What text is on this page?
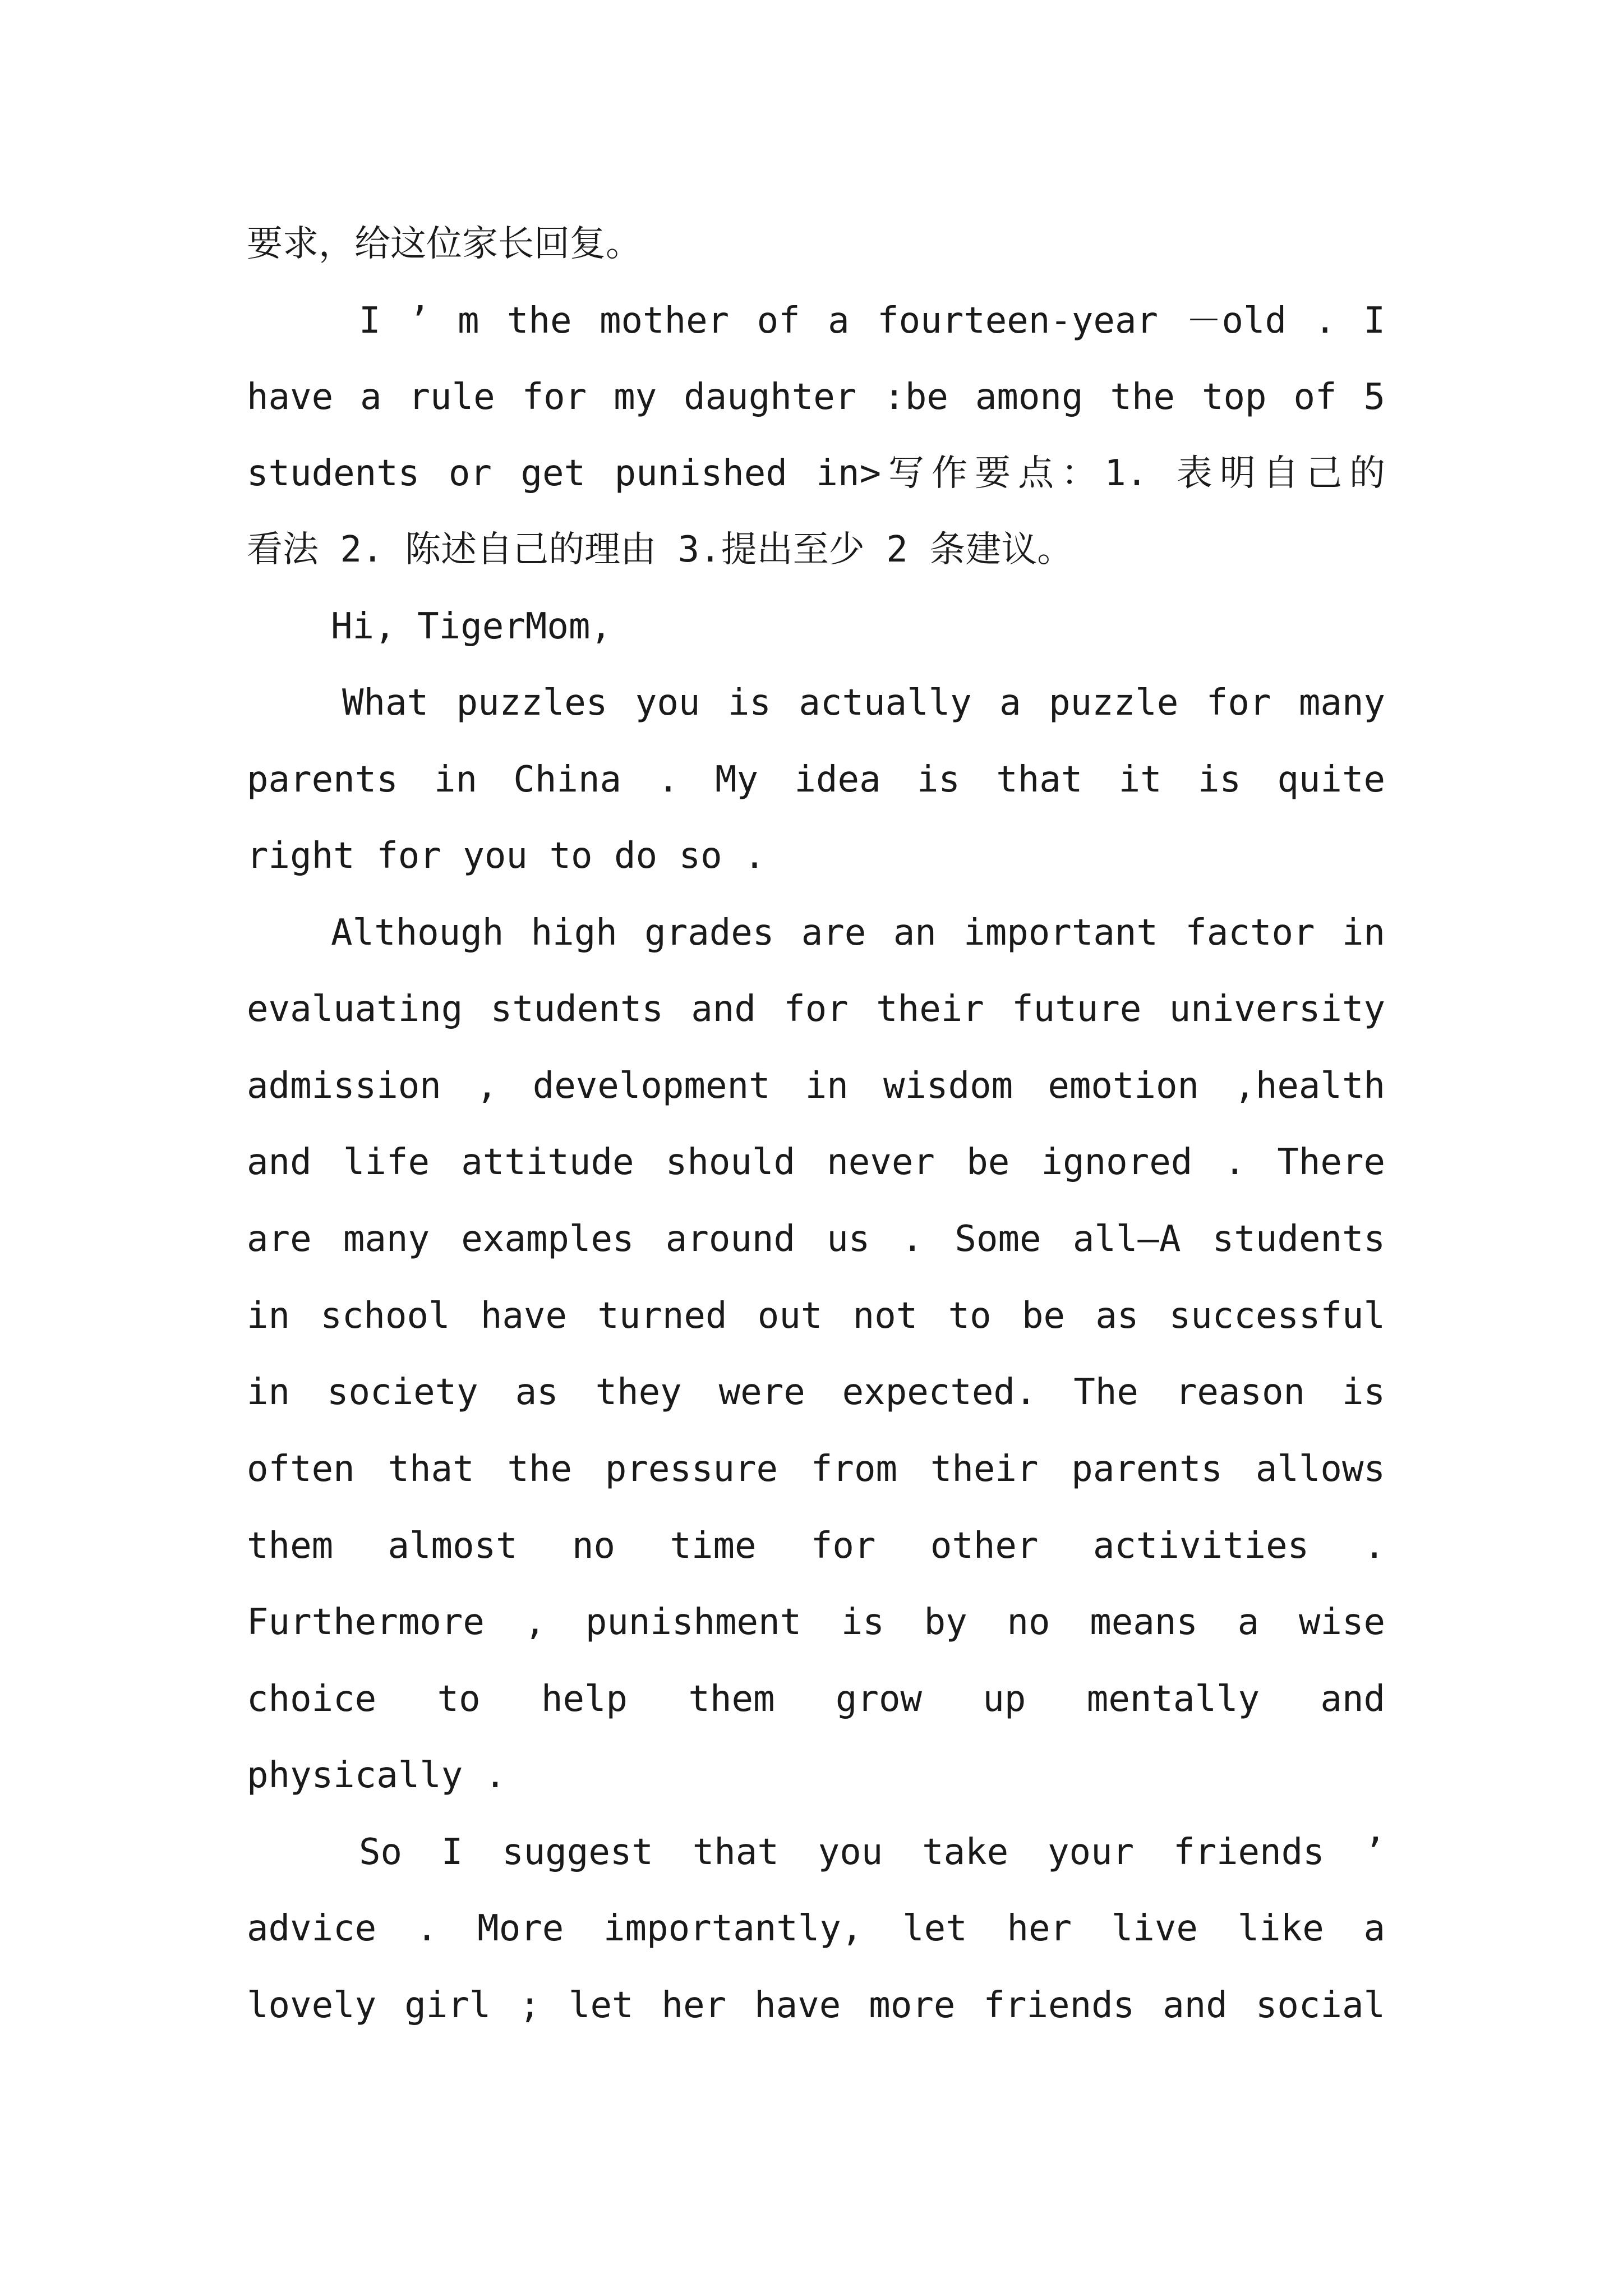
要求，给这位家长回复。
I ’ m the mother of a fourteen-year －old . I
have a rule for my daughter :be among the top of 5
students or get punished in>写作要点：1. 表明自己的
看法 2. 陈述自己的理由 3.提出至少 2 条建议。
Hi, TigerMom,
What puzzles you is actually a puzzle for many
parents in China . My idea is that it is quite
right for you to do so .
Although high grades are an important factor in
evaluating students and for their future university
admission , development in wisdom emotion ,health
and life attitude should never be ignored . There
are many examples around us . Some all—A students
in school have turned out not to be as successful
in society as they were expected. The reason is
often that the pressure from their parents allows
them almost no time for other activities .
Furthermore , punishment is by no means a wise
choice to help them grow up mentally and
physically .
So I suggest that you take your friends ’
advice . More importantly, let her live like a
lovely girl ; let her have more friends and social
